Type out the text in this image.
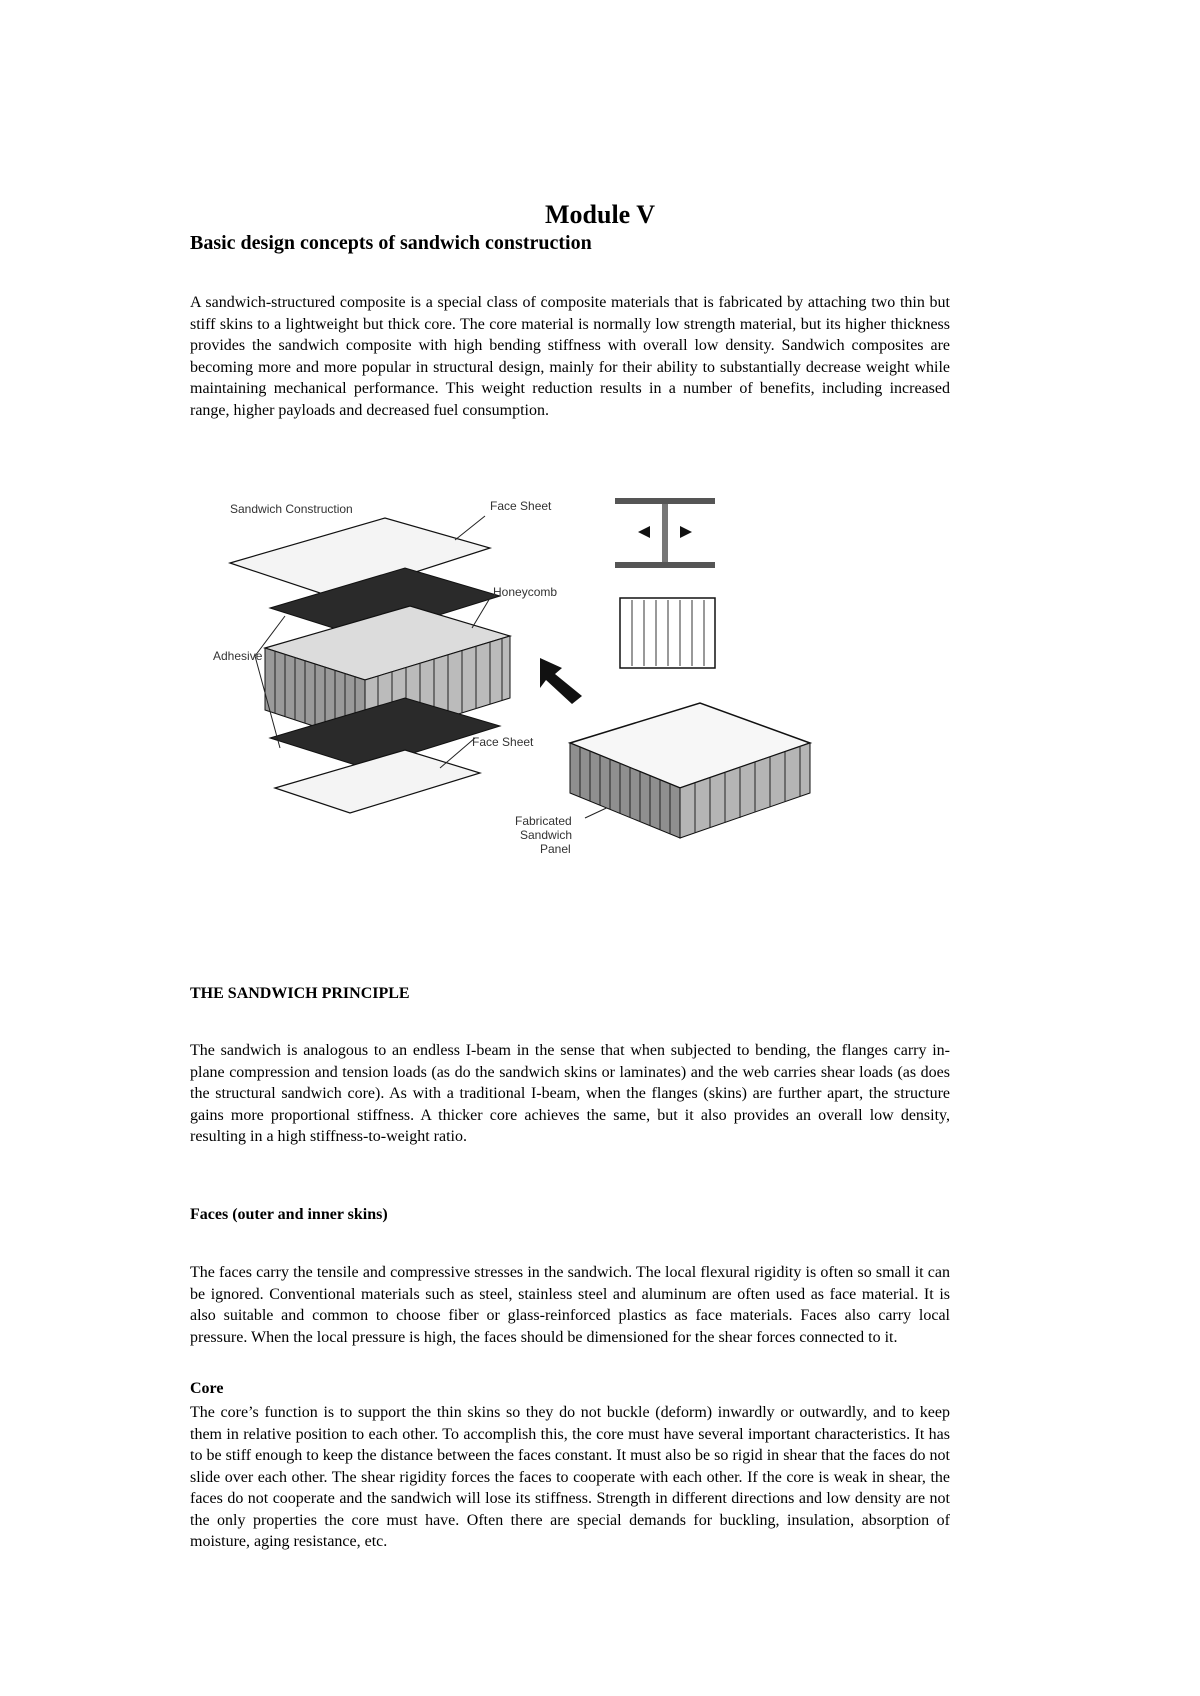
Module V
Basic design concepts of sandwich construction

A sandwich-structured composite is a special class of composite materials that is fabricated by attaching two thin but stiff skins to a lightweight but thick core. The core material is normally low strength material, but its higher thickness provides the sandwich composite with high bending stiffness with overall low density. Sandwich composites are becoming more and more popular in structural design, mainly for their ability to substantially decrease weight while maintaining mechanical performance. This weight reduction results in a number of benefits, including increased range, higher payloads and decreased fuel consumption.

Sandwich Construction	Face Sheet
Honeycomb
Adhesive
Face Sheet
Fabricated
Sandwich
Panel
THE SANDWICH PRINCIPLE

The sandwich is analogous to an endless I-beam in the sense that when subjected to bending, the flanges carry in-plane compression and tension loads (as do the sandwich skins or laminates) and the web carries shear loads (as does the structural sandwich core). As with a traditional I-beam, when the flanges (skins) are further apart, the structure gains more proportional stiffness. A thicker core achieves the same, but it also provides an overall low density, resulting in a high stiffness-to-weight ratio.

Faces (outer and inner skins)

The faces carry the tensile and compressive stresses in the sandwich. The local flexural rigidity is often so small it can be ignored. Conventional materials such as steel, stainless steel and aluminum are often used as face material. It is also suitable and common to choose fiber or glass-reinforced plastics as face materials. Faces also carry local pressure. When the local pressure is high, the faces should be dimensioned for the shear forces connected to it.

Core

The core’s function is to support the thin skins so they do not buckle (deform) inwardly or outwardly, and to keep them in relative position to each other. To accomplish this, the core must have several important characteristics. It has to be stiff enough to keep the distance between the faces constant. It must also be so rigid in shear that the faces do not slide over each other. The shear rigidity forces the faces to cooperate with each other. If the core is weak in shear, the faces do not cooperate and the sandwich will lose its stiffness. Strength in different directions and low density are not the only properties the core must have. Often there are special demands for buckling, insulation, absorption of moisture, aging resistance, etc.
